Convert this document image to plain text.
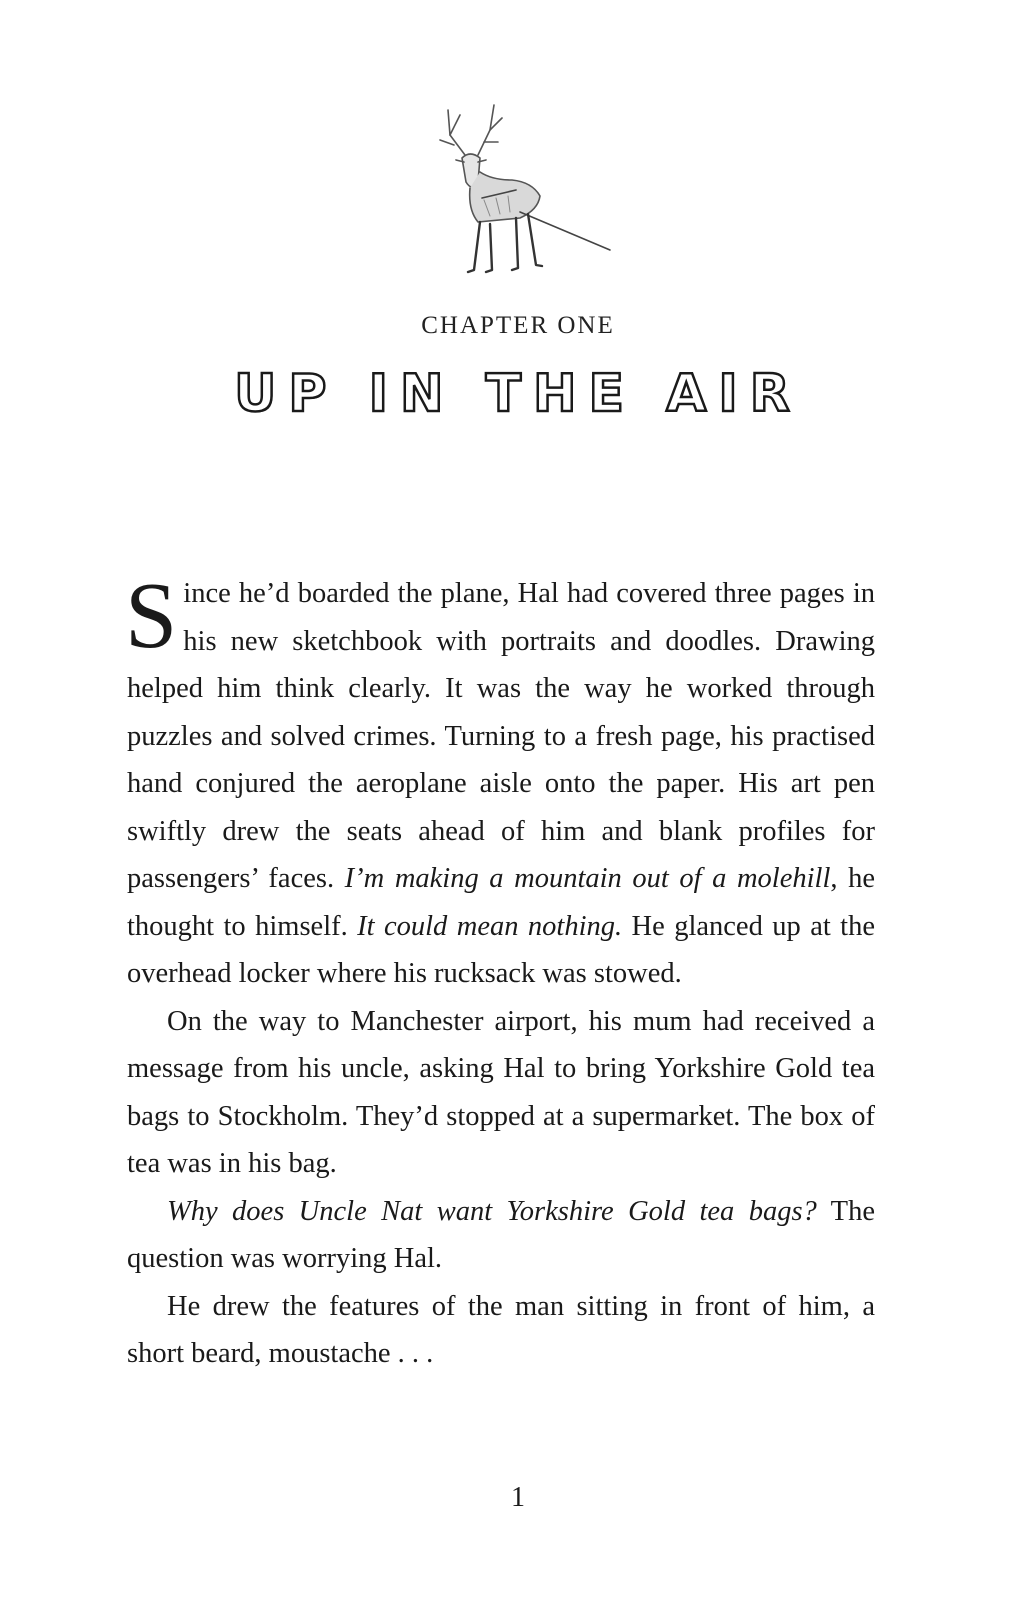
CHAPTER ONE
UP IN THE AIR

Since he’d boarded the plane, Hal had covered three pages in his new sketchbook with portraits and doodles. Drawing helped him think clearly. It was the way he worked through puzzles and solved crimes. Turning to a fresh page, his practised hand conjured the aeroplane aisle onto the paper. His art pen swiftly drew the seats ahead of him and blank profiles for passengers’ faces. I’m making a mountain out of a molehill, he thought to himself. It could mean nothing. He glanced up at the overhead locker where his rucksack was stowed.

On the way to Manchester airport, his mum had received a message from his uncle, asking Hal to bring Yorkshire Gold tea bags to Stockholm. They’d stopped at a supermarket. The box of tea was in his bag.

Why does Uncle Nat want Yorkshire Gold tea bags? The question was worrying Hal.

He drew the features of the man sitting in front of him, a short beard, moustache . . .

1
